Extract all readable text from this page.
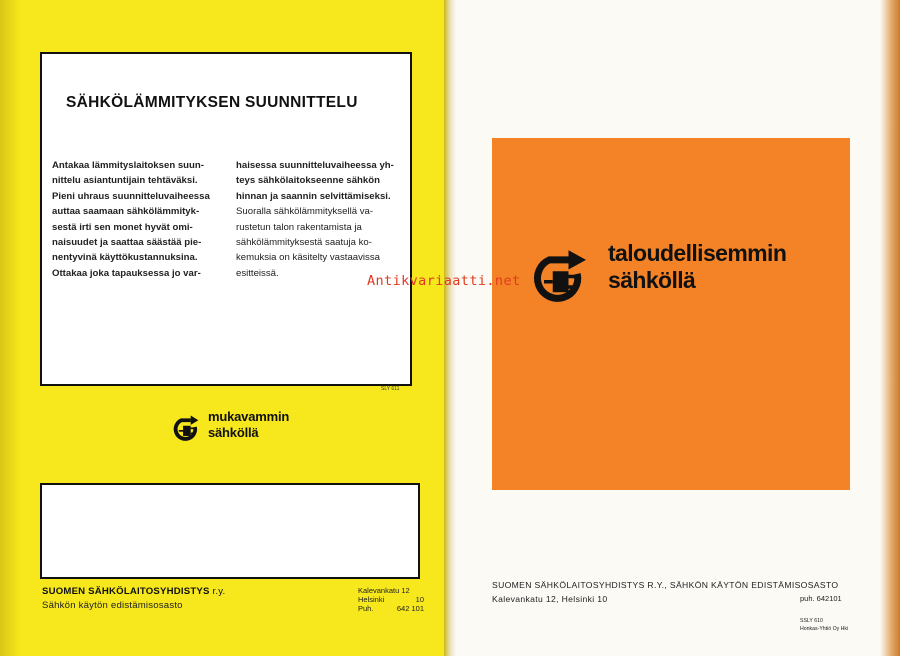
SÄHKÖLÄMMITYKSEN SUUNNITTELU
Antakaa lämmityslaitoksen suun-
nittelu asiantuntijain tehtäväksi.
Pieni uhraus suunnitteluvaiheessa
auttaa saamaan sähkölämmityk-
sestä irti sen monet hyvät omi-
naisuudet ja saattaa säästää pie-
nentyvinä käyttökustannuksina.
Ottakaa joka tapauksessa jo var-
haisessa suunnitteluvaiheessa yh-
teys sähkölaitokseenne sähkön
hinnan ja saannin selvittämiseksi.
Suoralla sähkölämmityksellä va-
rustetun talon rakentamista ja
sähkölämmityksestä saatuja ko-
kemuksia on käsitelty vastaavissa
esitteissä.
SLY 611
mukavammin
sähköllä
SUOMEN SÄHKÖLAITOSYHDISTYS r.y.
Sähkön käytön edistämisosasto
Kalevankatu 12
Helsinki	10
Puh.	642 101
taloudellisemmin
sähköllä
Antikvariaatti.net
SUOMEN SÄHKÖLAITOSYHDISTYS R.Y., SÄHKÖN KÄYTÖN EDISTÄMISOSASTO
Kalevankatu 12, Helsinki 10	puh. 642101
SSLY 610
Honkas-Yhtiö Oy Hki
